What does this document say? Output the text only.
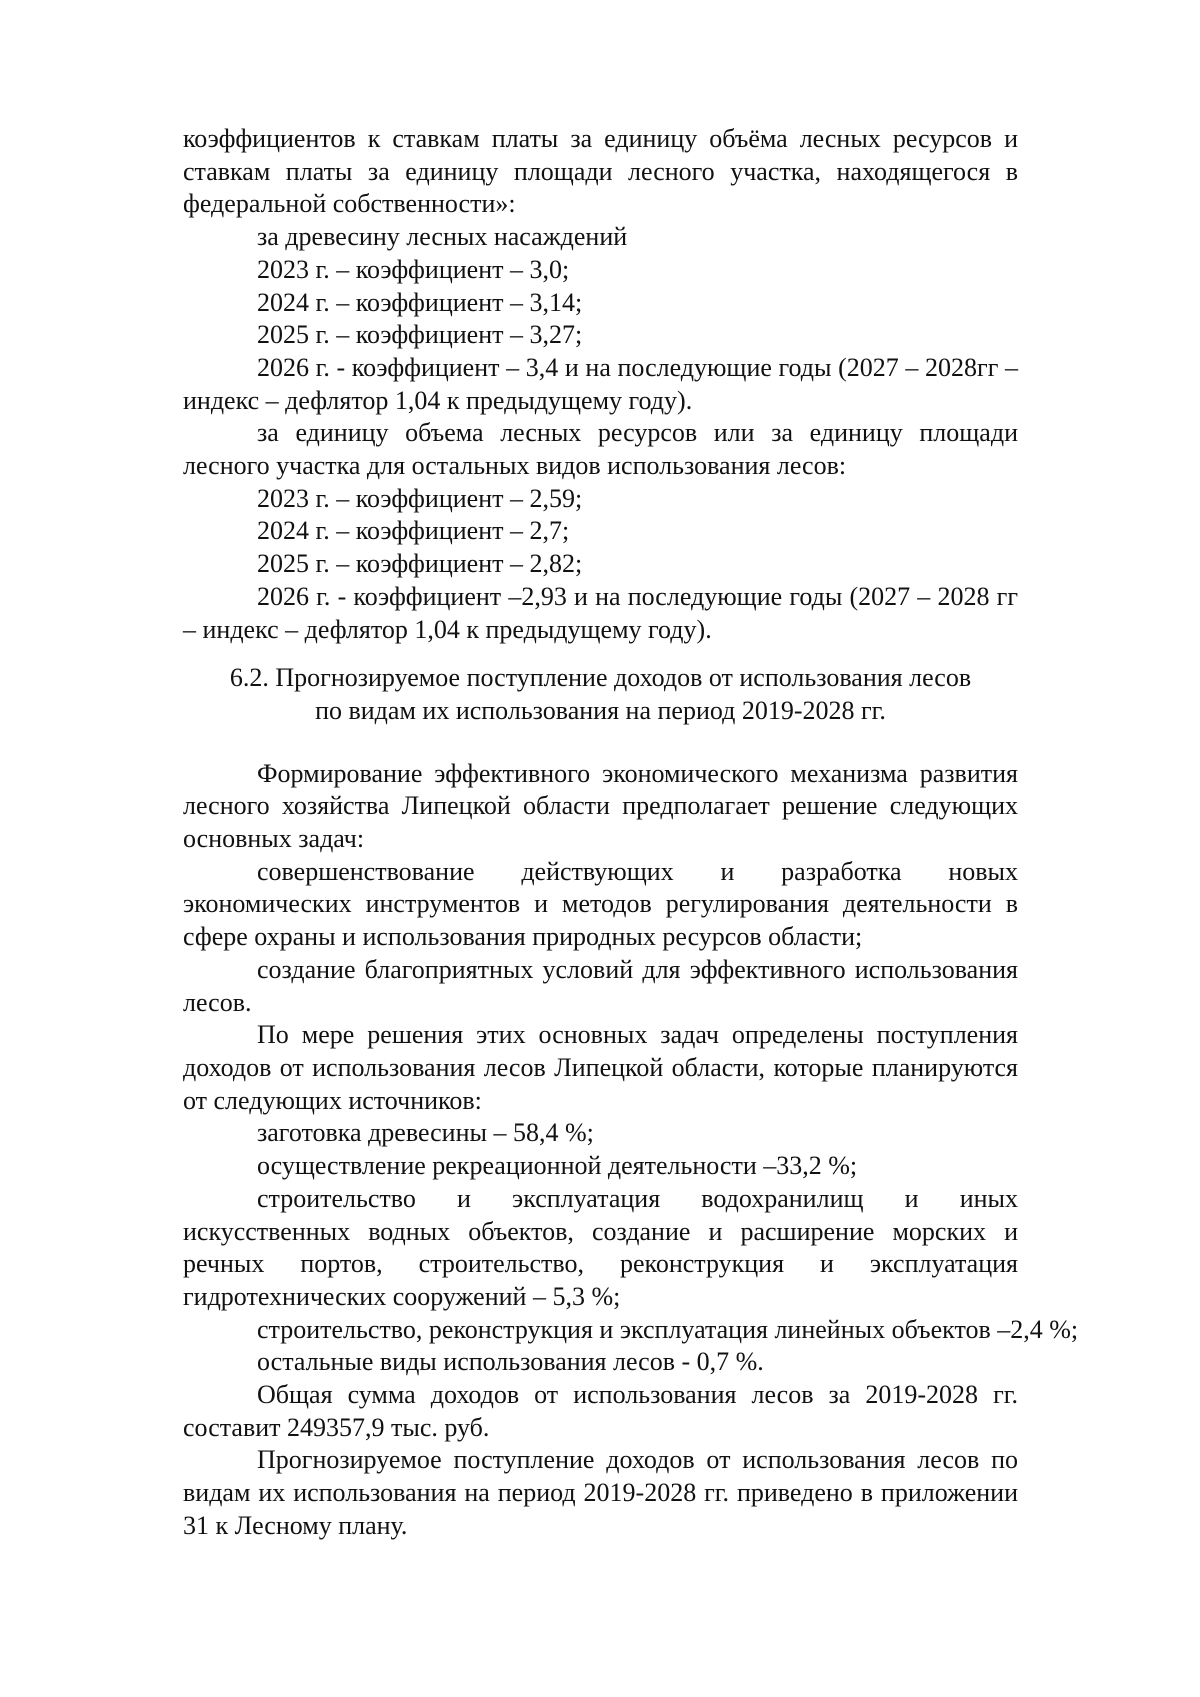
коэффициентов к ставкам платы за единицу объёма лесных ресурсов и ставкам платы за единицу площади лесного участка, находящегося в федеральной собственности»:

за древесину лесных насаждений

2023 г. – коэффициент – 3,0;

2024 г. – коэффициент – 3,14;

2025 г. – коэффициент – 3,27;

2026 г. - коэффициент – 3,4 и на последующие годы (2027 – 2028гг – индекс – дефлятор 1,04 к предыдущему году).

за единицу объема лесных ресурсов или за единицу площади лесного участка для остальных видов использования лесов:

2023 г. – коэффициент – 2,59;

2024 г. – коэффициент – 2,7;

2025 г. – коэффициент – 2,82;

2026 г. - коэффициент –2,93 и на последующие годы (2027 – 2028 гг – индекс – дефлятор 1,04 к предыдущему году).

6.2. Прогнозируемое поступление доходов от использования лесов

по видам их использования на период 2019-2028 гг.

Формирование эффективного экономического механизма развития лесного хозяйства Липецкой области предполагает решение следующих основных задач:

совершенствование действующих и разработка новых экономических инструментов и методов регулирования деятельности в сфере охраны и использования природных ресурсов области;

создание благоприятных условий для эффективного использования лесов.

По мере решения этих основных задач определены поступления доходов от использования лесов Липецкой области, которые планируются от следующих источников:

заготовка древесины – 58,4 %;

осуществление рекреационной деятельности –33,2 %;

строительство и эксплуатация водохранилищ и иных искусственных водных объектов, создание и расширение морских и речных портов, строительство, реконструкция и эксплуатация гидротехнических сооружений – 5,3 %;

строительство, реконструкция и эксплуатация линейных объектов –2,4 %;

остальные виды использования лесов - 0,7 %.

Общая сумма доходов от использования лесов за 2019-2028 гг. составит 249357,9 тыс. руб.

Прогнозируемое поступление доходов от использования лесов по видам их использования на период 2019-2028 гг. приведено в приложении 31 к Лесному плану.
